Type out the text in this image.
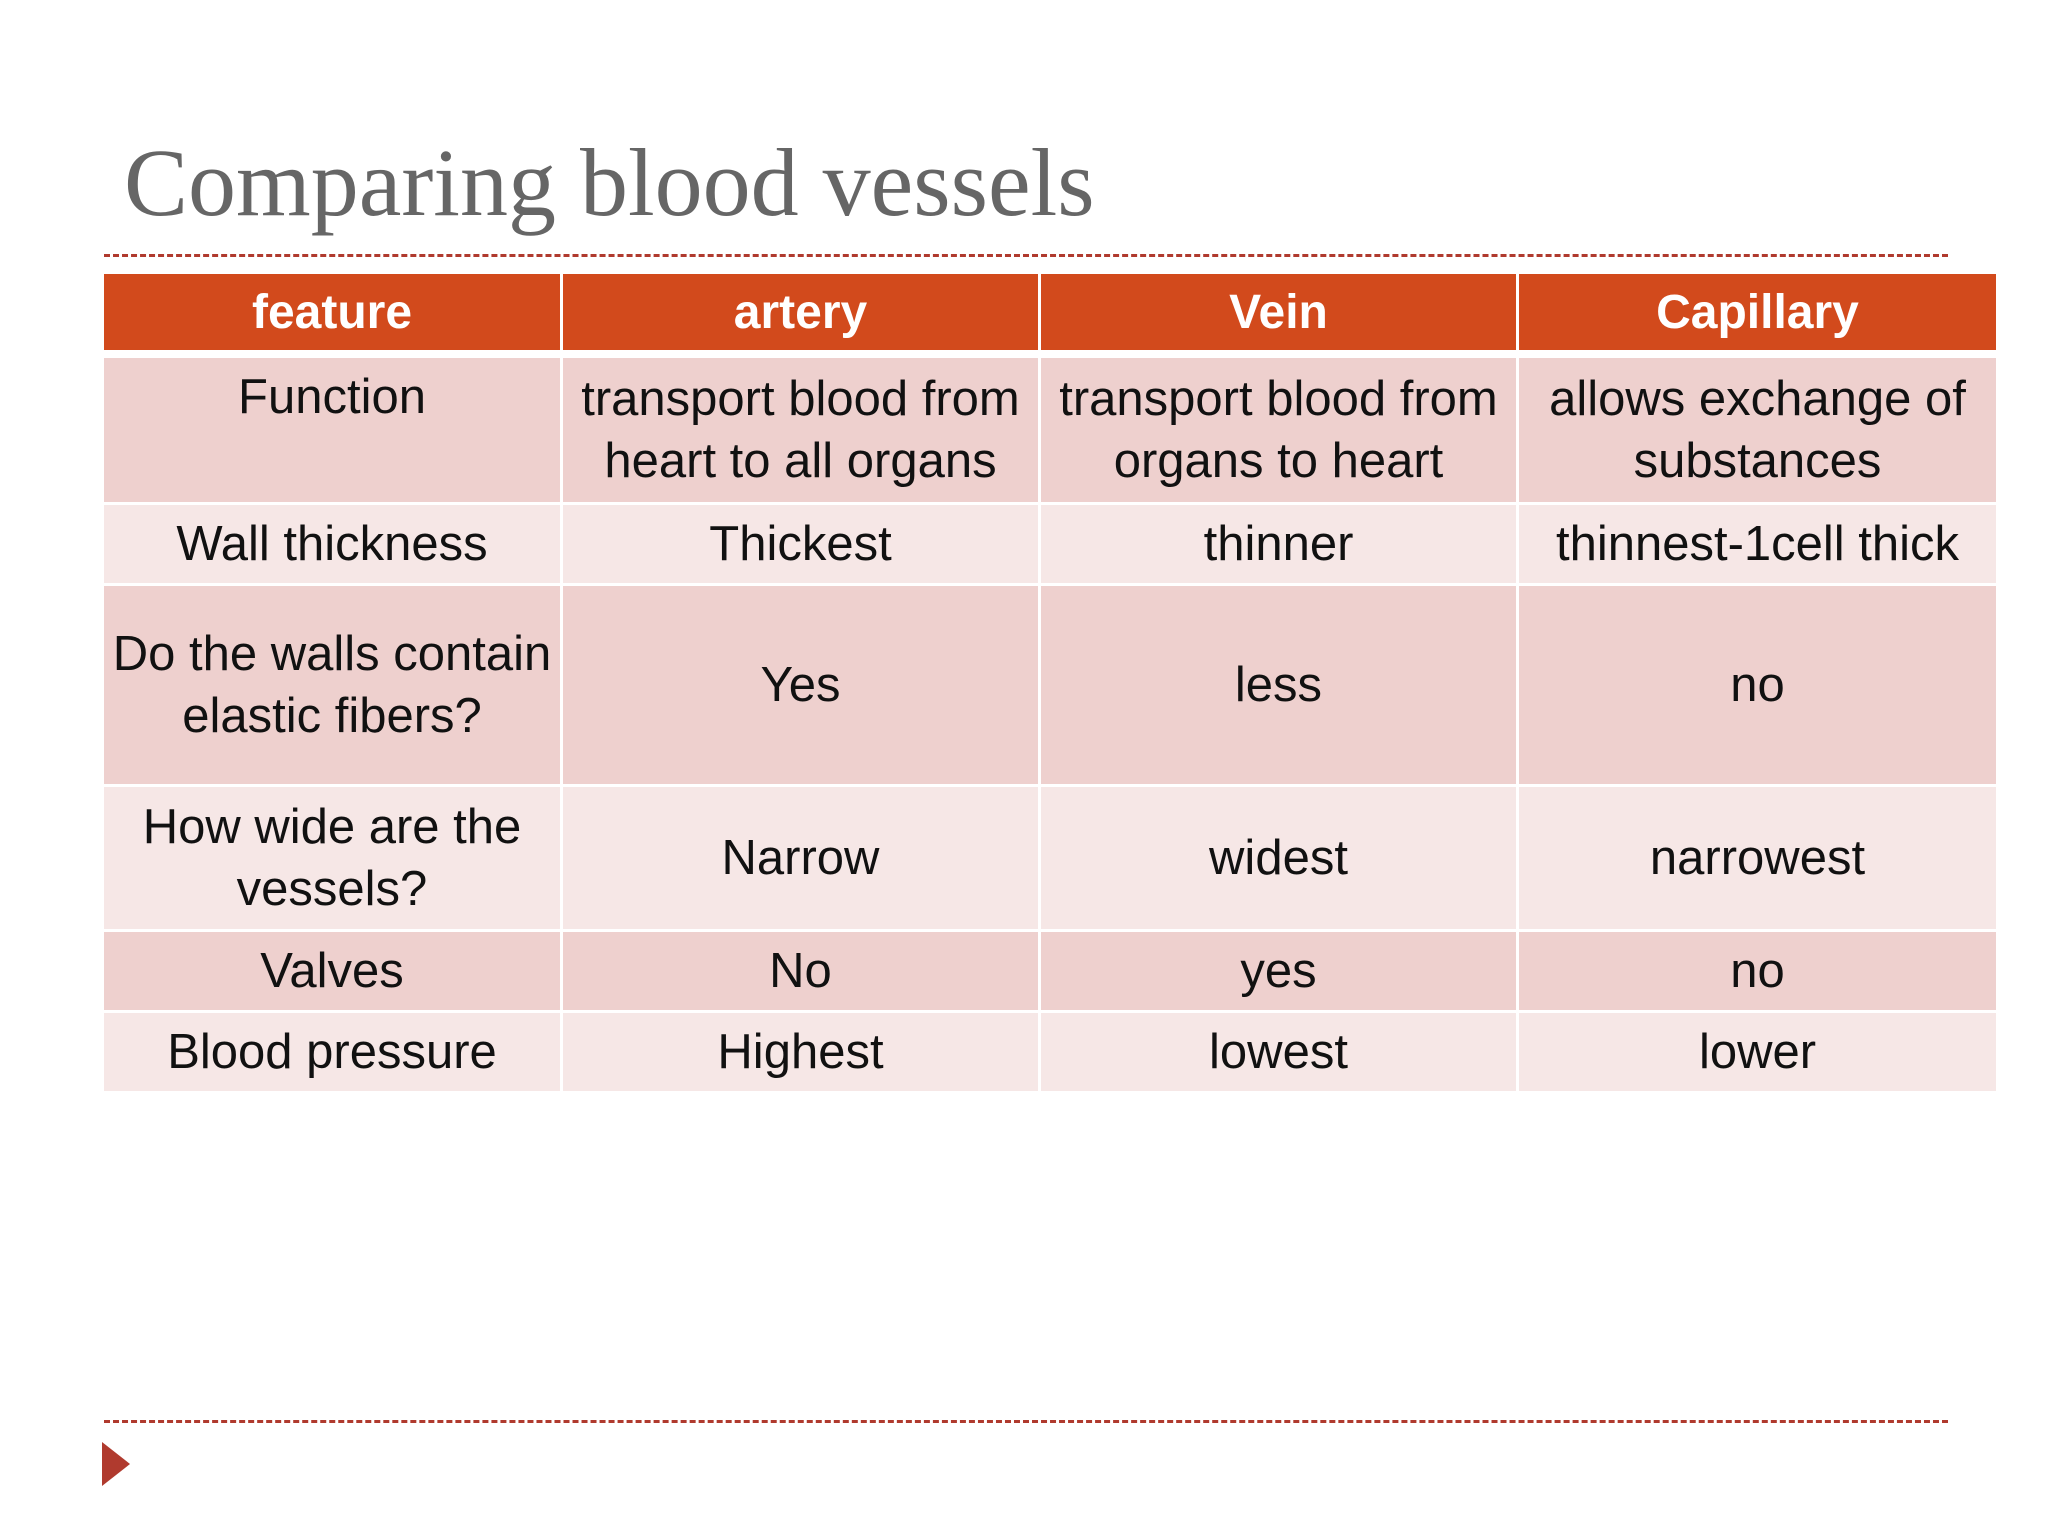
Comparing blood vessels
feature	artery	Vein	Capillary
Function	transport blood from heart to all organs	transport blood from organs to heart	allows exchange of substances
Wall thickness	Thickest	thinner	thinnest-1cell thick
Do the walls contain elastic fibers?	Yes	less	no
How wide are the vessels?	Narrow	widest	narrowest
Valves	No	yes	no
Blood pressure	Highest	lowest	lower
